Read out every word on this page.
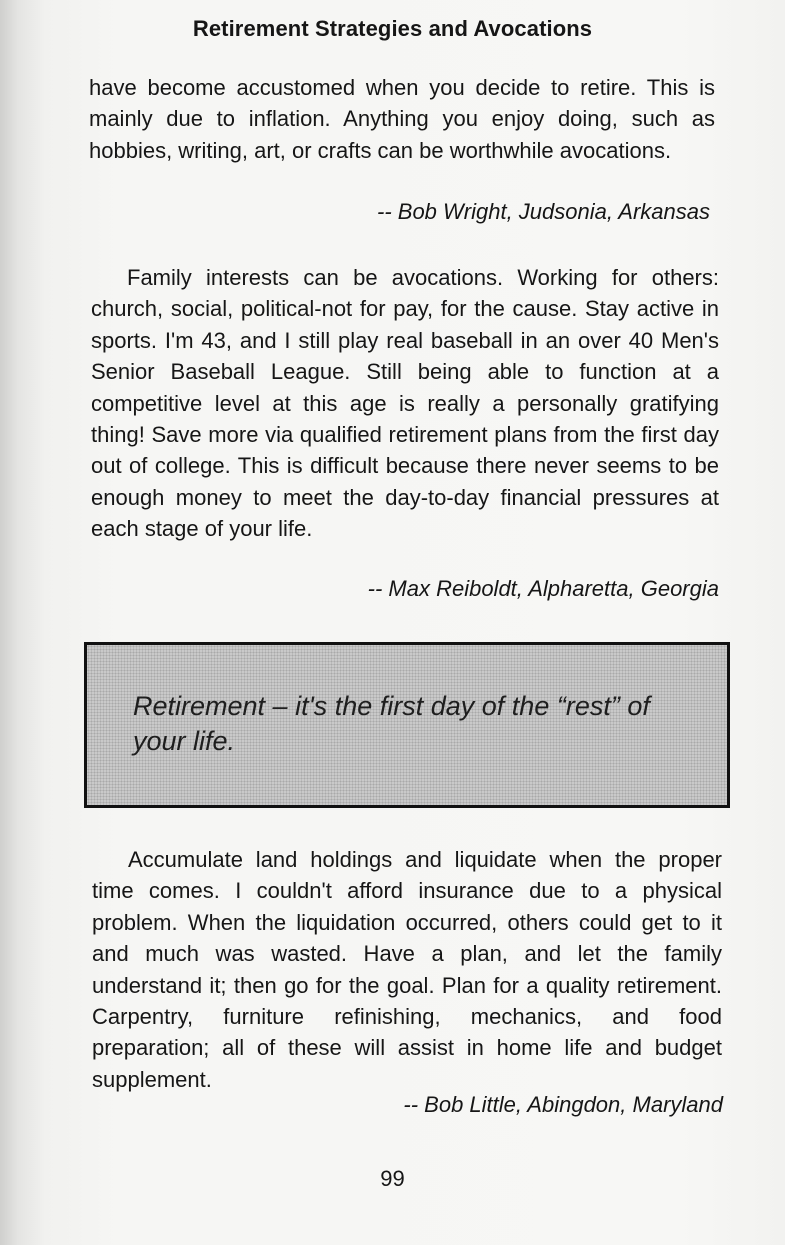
Retirement Strategies and Avocations

have become accustomed when you decide to retire. This is mainly due to inflation. Anything you enjoy doing, such as hobbies, writing, art, or crafts can be worthwhile avocations.

-- Bob Wright, Judsonia, Arkansas

Family interests can be avocations. Working for others: church, social, political-not for pay, for the cause. Stay active in sports. I'm 43, and I still play real baseball in an over 40 Men's Senior Baseball League. Still being able to function at a competitive level at this age is really a personally gratifying thing! Save more via qualified retirement plans from the first day out of college. This is difficult because there never seems to be enough money to meet the day-to-day financial pressures at each stage of your life.

-- Max Reiboldt, Alpharetta, Georgia

Retirement – it's the first day of the “rest” of your life.

Accumulate land holdings and liquidate when the proper time comes. I couldn't afford insurance due to a physical problem. When the liquidation occurred, others could get to it and much was wasted. Have a plan, and let the family understand it; then go for the goal. Plan for a quality retirement. Carpentry, furniture refinishing, mechanics, and food preparation; all of these will assist in home life and budget supplement.

-- Bob Little, Abingdon, Maryland
99
